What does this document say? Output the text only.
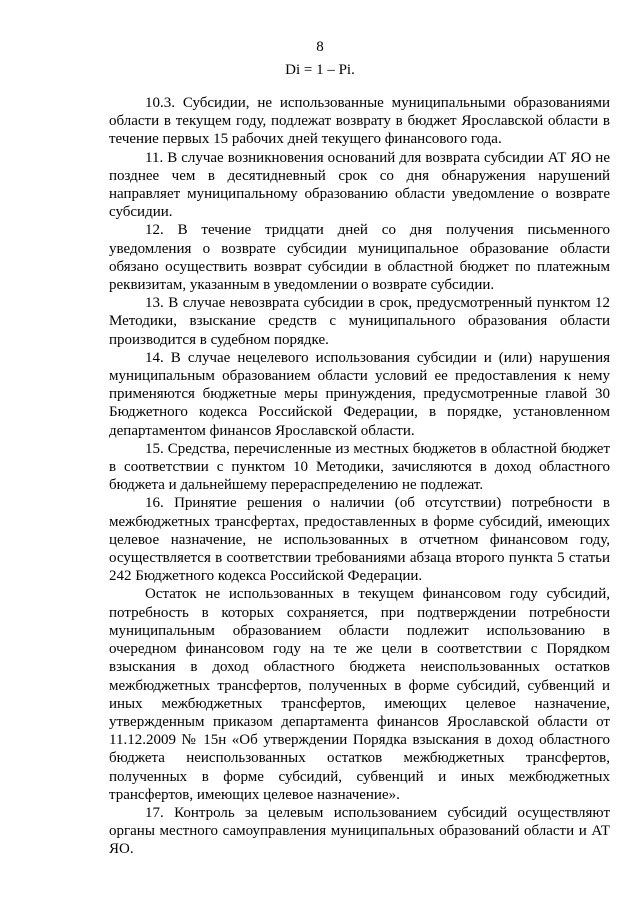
8
Di = 1 – Pi.

10.3. Субсидии, не использованные муниципальными образованиями области в текущем году, подлежат возврату в бюджет Ярославской области в течение первых 15 рабочих дней текущего финансового года.

11. В случае возникновения оснований для возврата субсидии АТ ЯО не позднее чем в десятидневный срок со дня обнаружения нарушений направляет муниципальному образованию области уведомление о возврате субсидии.

12. В течение тридцати дней со дня получения письменного уведомления о возврате субсидии муниципальное образование области обязано осуществить возврат субсидии в областной бюджет по платежным реквизитам, указанным в уведомлении о возврате субсидии.

13. В случае невозврата субсидии в срок, предусмотренный пунктом 12 Методики, взыскание средств с муниципального образования области производится в судебном порядке.

14. В случае нецелевого использования субсидии и (или) нарушения муниципальным образованием области условий ее предоставления к нему применяются бюджетные меры принуждения, предусмотренные главой 30 Бюджетного кодекса Российской Федерации, в порядке, установленном департаментом финансов Ярославской области.

15. Средства, перечисленные из местных бюджетов в областной бюджет в соответствии с пунктом 10 Методики, зачисляются в доход областного бюджета и дальнейшему перераспределению не подлежат.

16. Принятие решения о наличии (об отсутствии) потребности в межбюджетных трансфертах, предоставленных в форме субсидий, имеющих целевое назначение, не использованных в отчетном финансовом году, осуществляется в соответствии требованиями абзаца второго пункта 5 статьи 242 Бюджетного кодекса Российской Федерации.

Остаток не использованных в текущем финансовом году субсидий, потребность в которых сохраняется, при подтверждении потребности муниципальным образованием области подлежит использованию в очередном финансовом году на те же цели в соответствии с Порядком взыскания в доход областного бюджета неиспользованных остатков межбюджетных трансфертов, полученных в форме субсидий, субвенций и иных межбюджетных трансфертов, имеющих целевое назначение, утвержденным приказом департамента финансов Ярославской области от 11.12.2009 № 15н «Об утверждении Порядка взыскания в доход областного бюджета неиспользованных остатков межбюджетных трансфертов, полученных в форме субсидий, субвенций и иных межбюджетных трансфертов, имеющих целевое назначение».

17. Контроль за целевым использованием субсидий осуществляют органы местного самоуправления муниципальных образований области и АТ ЯО.
